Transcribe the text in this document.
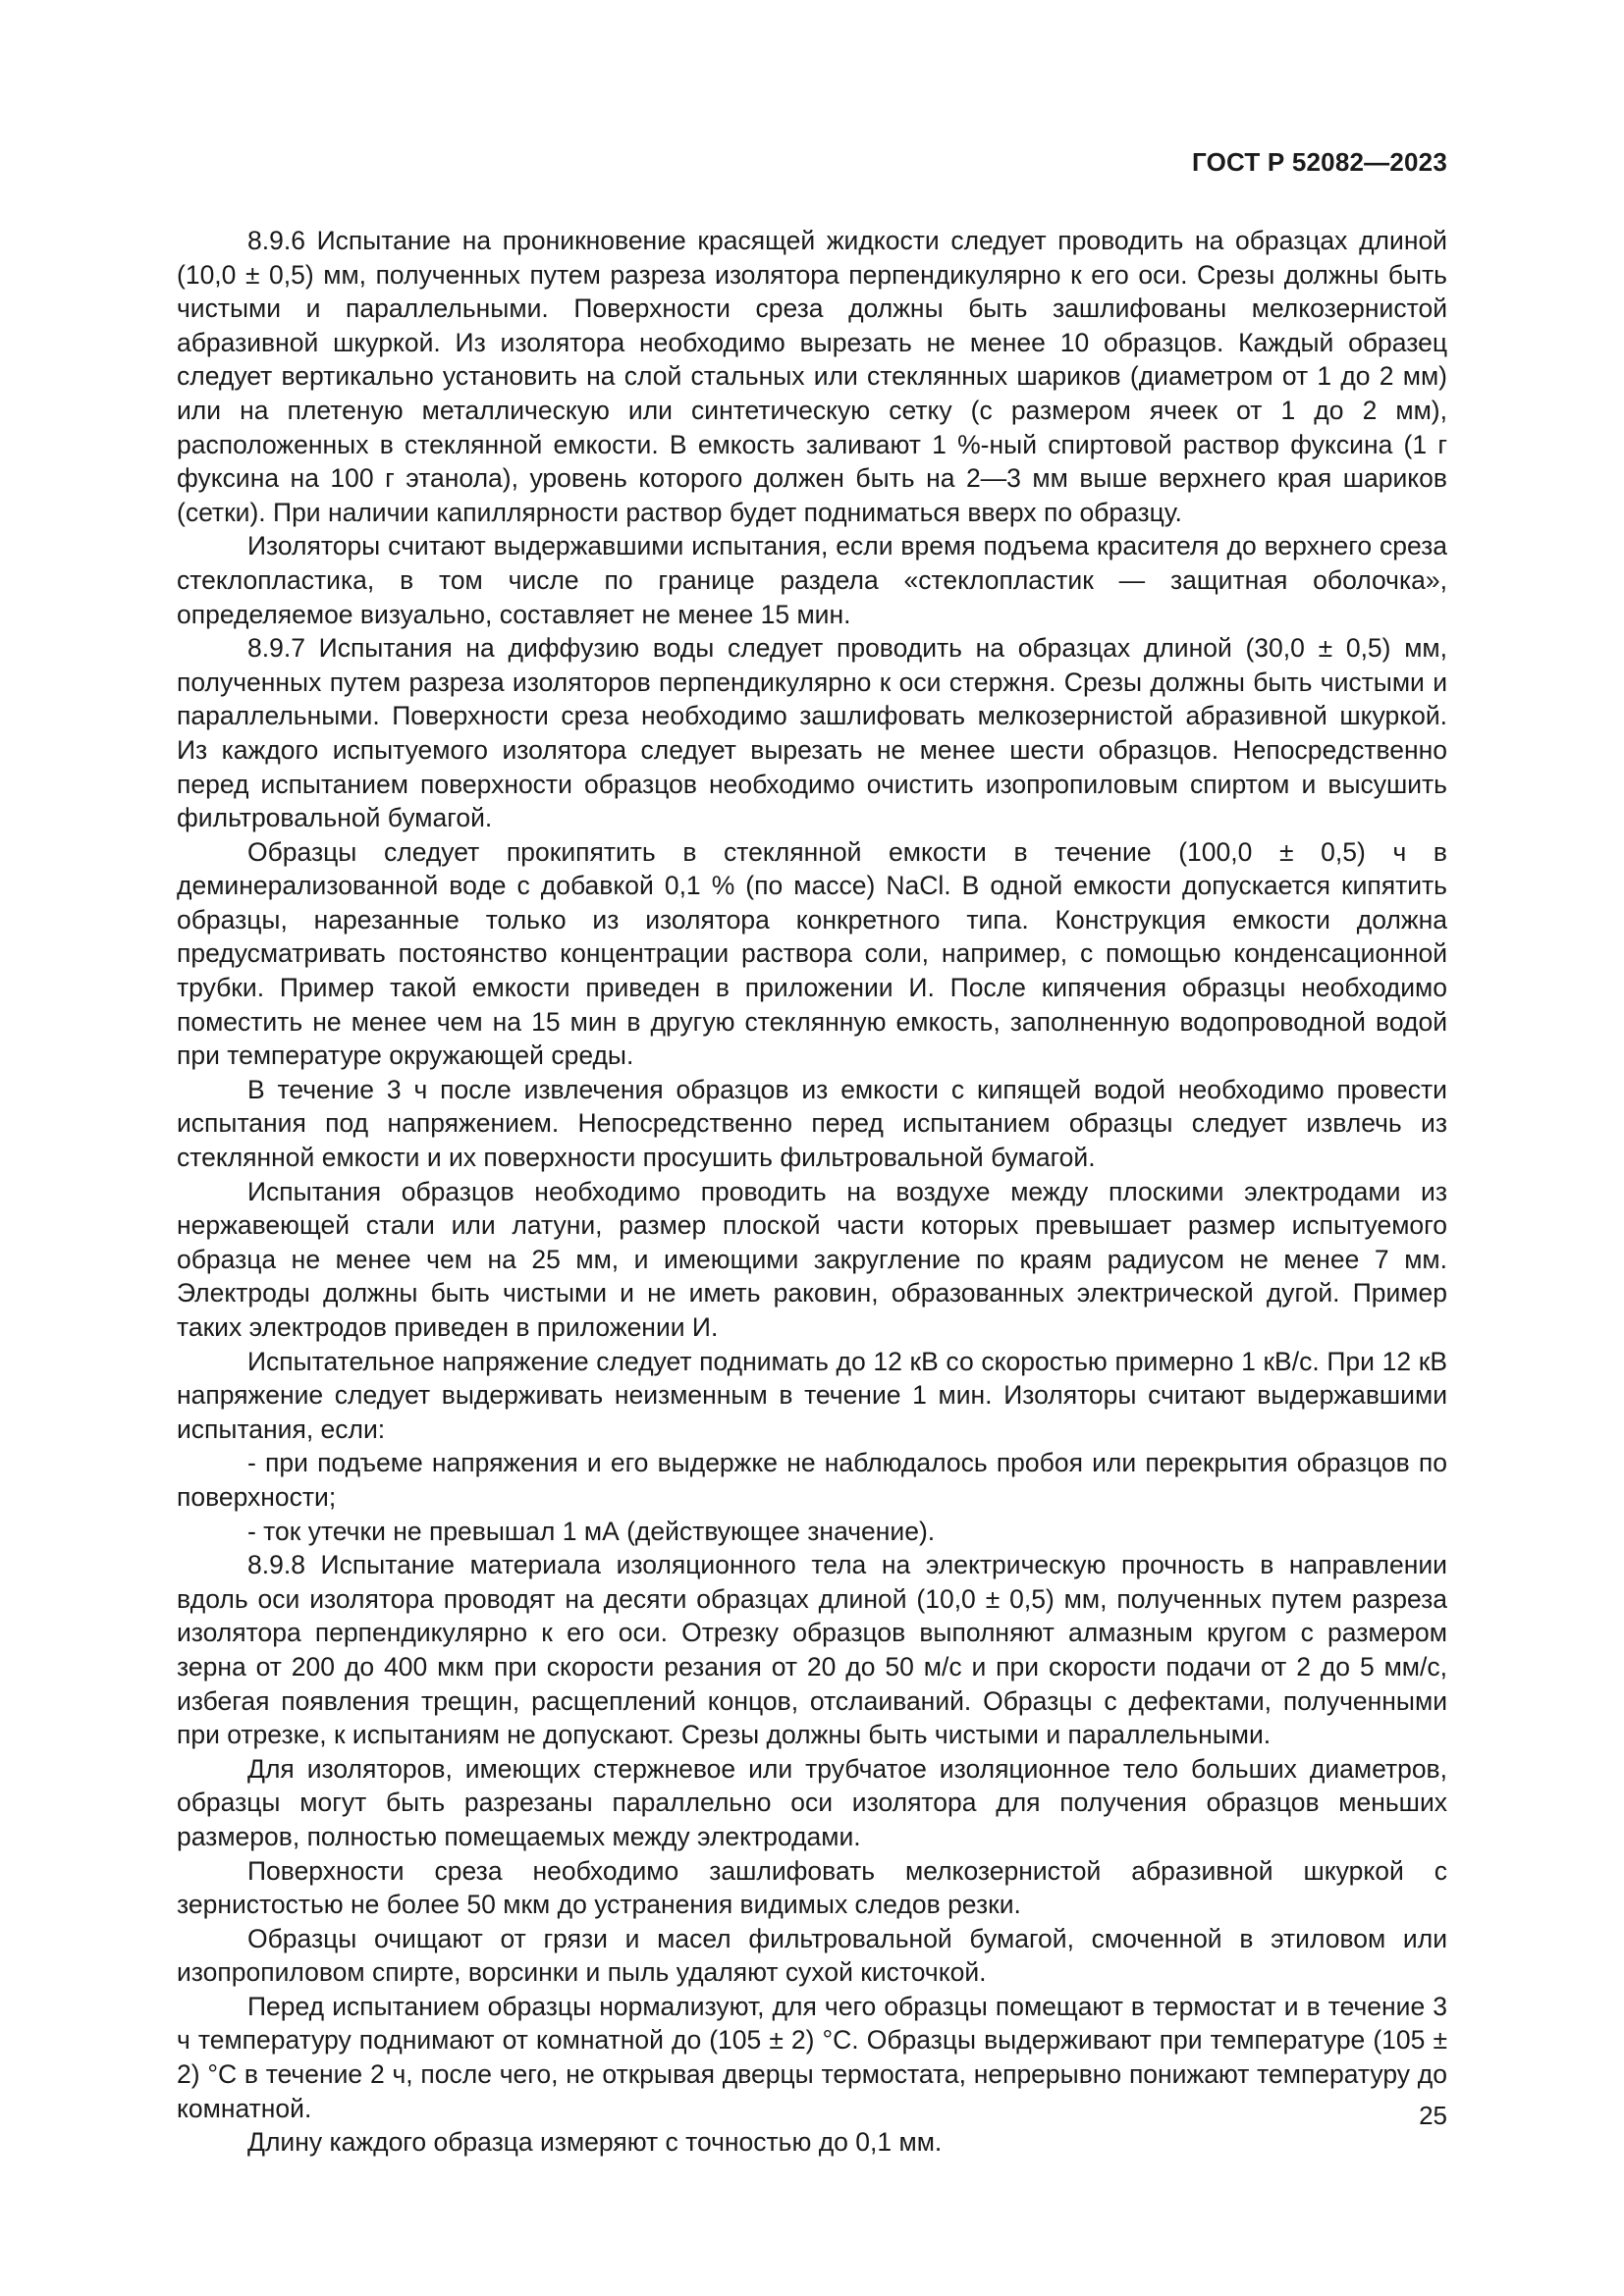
ГОСТ Р 52082—2023

8.9.6 Испытание на проникновение красящей жидкости следует проводить на образцах длиной (10,0 ± 0,5) мм, полученных путем разреза изолятора перпендикулярно к его оси. Срезы должны быть чистыми и параллельными. Поверхности среза должны быть зашлифованы мелкозернистой абразивной шкуркой. Из изолятора необходимо вырезать не менее 10 образцов. Каждый образец следует вертикально установить на слой стальных или стеклянных шариков (диаметром от 1 до 2 мм) или на плетеную металлическую или синтетическую сетку (с размером ячеек от 1 до 2 мм), расположенных в стеклянной емкости. В емкость заливают 1 %-ный спиртовой раствор фуксина (1 г фуксина на 100 г этанола), уровень которого должен быть на 2—3 мм выше верхнего края шариков (сетки). При наличии капиллярности раствор будет подниматься вверх по образцу.

Изоляторы считают выдержавшими испытания, если время подъема красителя до верхнего среза стеклопластика, в том числе по границе раздела «стеклопластик — защитная оболочка», определяемое визуально, составляет не менее 15 мин.

8.9.7 Испытания на диффузию воды следует проводить на образцах длиной (30,0 ± 0,5) мм, полученных путем разреза изоляторов перпендикулярно к оси стержня. Срезы должны быть чистыми и параллельными. Поверхности среза необходимо зашлифовать мелкозернистой абразивной шкуркой. Из каждого испытуемого изолятора следует вырезать не менее шести образцов. Непосредственно перед испытанием поверхности образцов необходимо очистить изопропиловым спиртом и высушить фильтровальной бумагой.

Образцы следует прокипятить в стеклянной емкости в течение (100,0 ± 0,5) ч в деминерализованной воде с добавкой 0,1 % (по массе) NaCl. В одной емкости допускается кипятить образцы, нарезанные только из изолятора конкретного типа. Конструкция емкости должна предусматривать постоянство концентрации раствора соли, например, с помощью конденсационной трубки. Пример такой емкости приведен в приложении И. После кипячения образцы необходимо поместить не менее чем на 15 мин в другую стеклянную емкость, заполненную водопроводной водой при температуре окружающей среды.

В течение 3 ч после извлечения образцов из емкости с кипящей водой необходимо провести испытания под напряжением. Непосредственно перед испытанием образцы следует извлечь из стеклянной емкости и их поверхности просушить фильтровальной бумагой.

Испытания образцов необходимо проводить на воздухе между плоскими электродами из нержавеющей стали или латуни, размер плоской части которых превышает размер испытуемого образца не менее чем на 25 мм, и имеющими закругление по краям радиусом не менее 7 мм. Электроды должны быть чистыми и не иметь раковин, образованных электрической дугой. Пример таких электродов приведен в приложении И.

Испытательное напряжение следует поднимать до 12 кВ со скоростью примерно 1 кВ/с. При 12 кВ напряжение следует выдерживать неизменным в течение 1 мин. Изоляторы считают выдержавшими испытания, если:

- при подъеме напряжения и его выдержке не наблюдалось пробоя или перекрытия образцов по поверхности;

- ток утечки не превышал 1 мА (действующее значение).

8.9.8 Испытание материала изоляционного тела на электрическую прочность в направлении вдоль оси изолятора проводят на десяти образцах длиной (10,0 ± 0,5) мм, полученных путем разреза изолятора перпендикулярно к его оси. Отрезку образцов выполняют алмазным кругом с размером зерна от 200 до 400 мкм при скорости резания от 20 до 50 м/с и при скорости подачи от 2 до 5 мм/с, избегая появления трещин, расщеплений концов, отслаиваний. Образцы с дефектами, полученными при отрезке, к испытаниям не допускают. Срезы должны быть чистыми и параллельными.

Для изоляторов, имеющих стержневое или трубчатое изоляционное тело больших диаметров, образцы могут быть разрезаны параллельно оси изолятора для получения образцов меньших размеров, полностью помещаемых между электродами.

Поверхности среза необходимо зашлифовать мелкозернистой абразивной шкуркой с зернистостью не более 50 мкм до устранения видимых следов резки.

Образцы очищают от грязи и масел фильтровальной бумагой, смоченной в этиловом или изопропиловом спирте, ворсинки и пыль удаляют сухой кисточкой.

Перед испытанием образцы нормализуют, для чего образцы помещают в термостат и в течение 3 ч температуру поднимают от комнатной до (105 ± 2) °С. Образцы выдерживают при температуре (105 ± 2) °С в течение 2 ч, после чего, не открывая дверцы термостата, непрерывно понижают температуру до комнатной.

Длину каждого образца измеряют с точностью до 0,1 мм.

25
